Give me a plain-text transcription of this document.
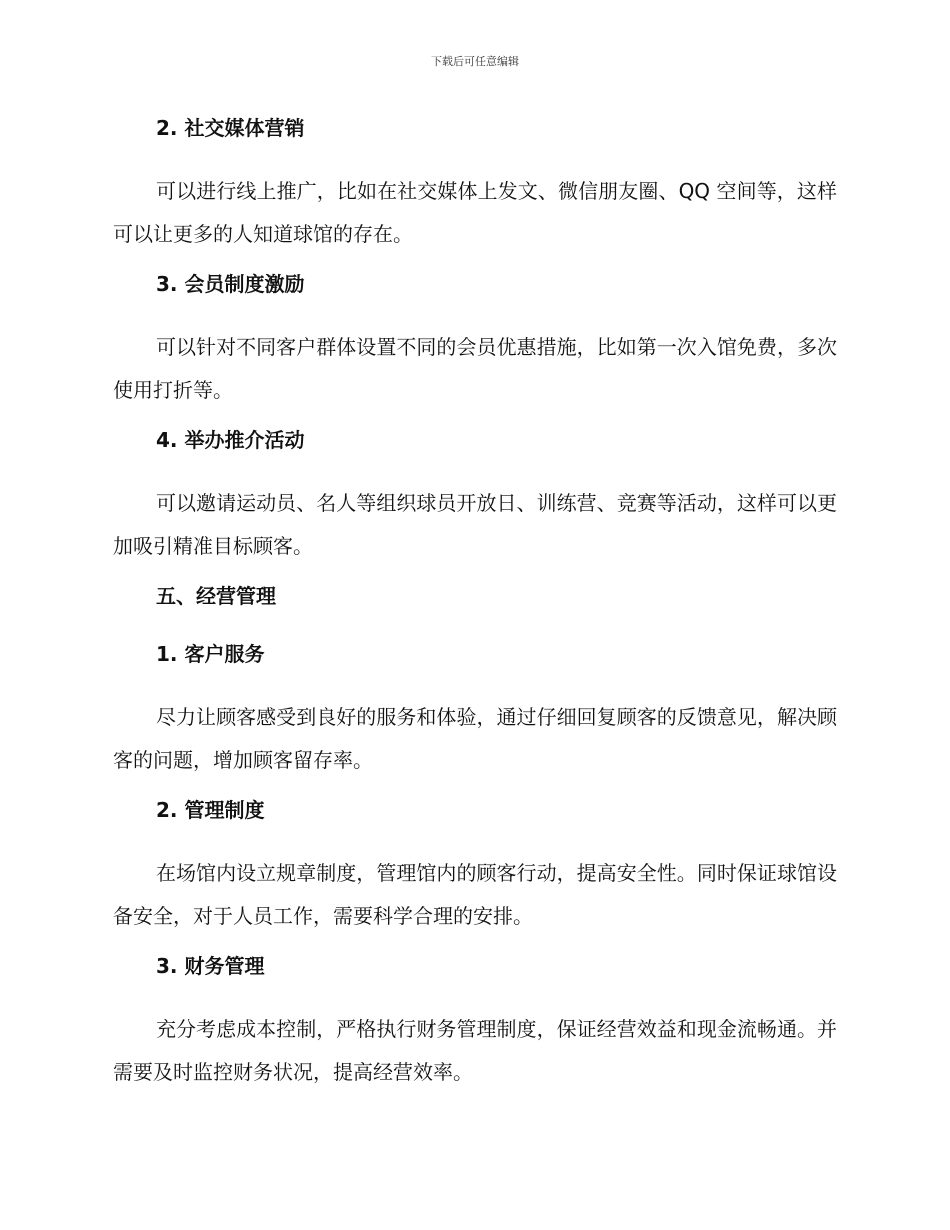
下载后可任意编辑
2. 社交媒体营销

可以进行线上推广，比如在社交媒体上发文、微信朋友圈、QQ 空间等，这样可以让更多的人知道球馆的存在。

3. 会员制度激励

可以针对不同客户群体设置不同的会员优惠措施，比如第一次入馆免费，多次使用打折等。

4. 举办推介活动

可以邀请运动员、名人等组织球员开放日、训练营、竞赛等活动，这样可以更加吸引精准目标顾客。

五、经营管理
1. 客户服务

尽力让顾客感受到良好的服务和体验，通过仔细回复顾客的反馈意见，解决顾客的问题，增加顾客留存率。

2. 管理制度

在场馆内设立规章制度，管理馆内的顾客行动，提高安全性。同时保证球馆设备安全，对于人员工作，需要科学合理的安排。

3. 财务管理

充分考虑成本控制，严格执行财务管理制度，保证经营效益和现金流畅通。并需要及时监控财务状况，提高经营效率。
